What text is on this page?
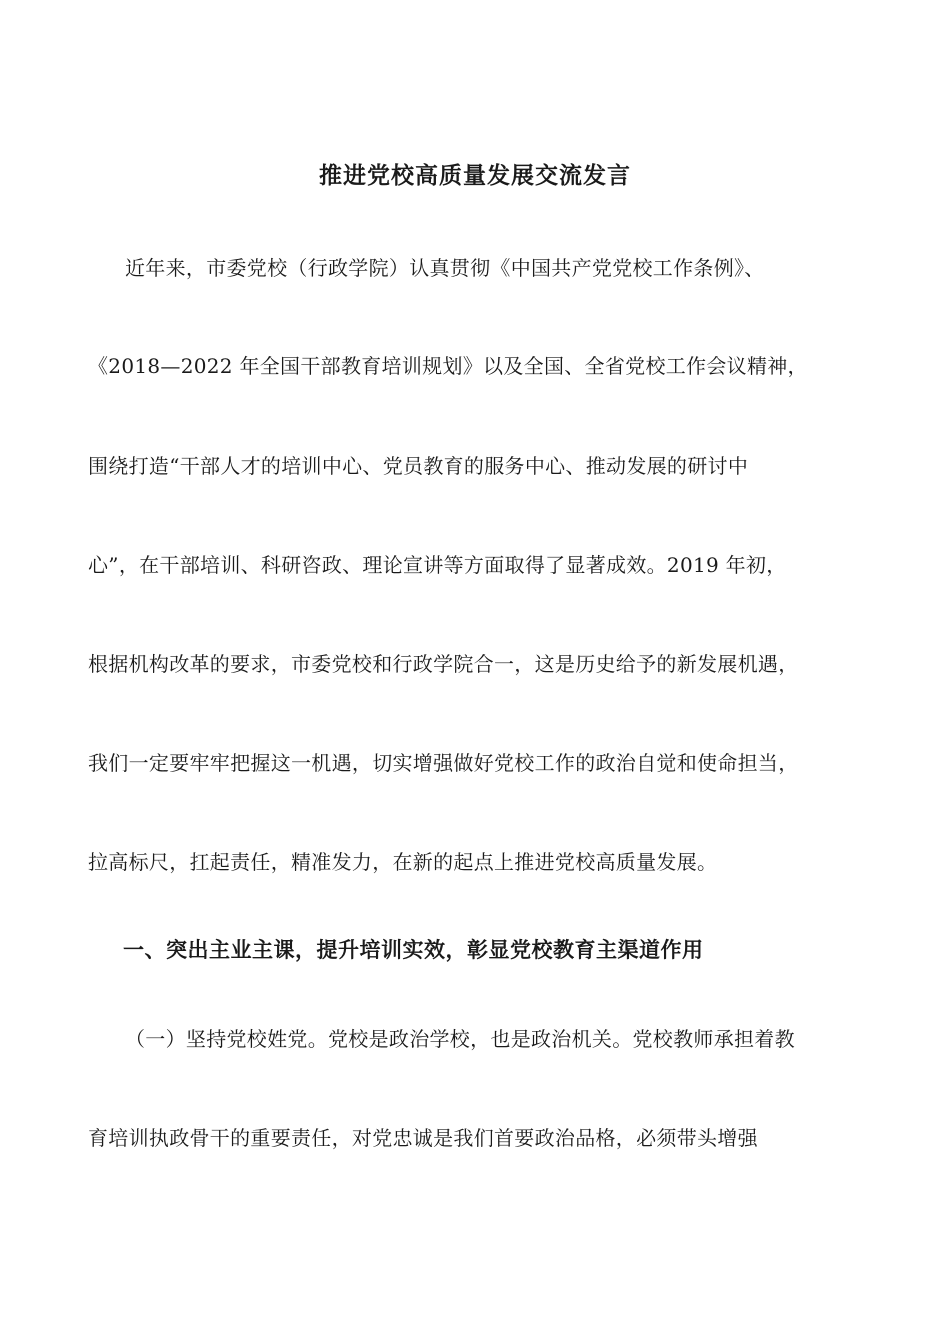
推进党校高质量发展交流发言
近年来，市委党校（行政学院）认真贯彻《中国共产党党校工作条例》、
《2018—2022 年全国干部教育培训规划》以及全国、全省党校工作会议精神，
围绕打造“干部人才的培训中心、党员教育的服务中心、推动发展的研讨中
心”，在干部培训、科研咨政、理论宣讲等方面取得了显著成效。2019 年初，
根据机构改革的要求，市委党校和行政学院合一，这是历史给予的新发展机遇，
我们一定要牢牢把握这一机遇，切实增强做好党校工作的政治自觉和使命担当，
拉高标尺，扛起责任，精准发力，在新的起点上推进党校高质量发展。
一、突出主业主课，提升培训实效，彰显党校教育主渠道作用
（一）坚持党校姓党。党校是政治学校，也是政治机关。党校教师承担着教
育培训执政骨干的重要责任，对党忠诚是我们首要政治品格，必须带头增强
